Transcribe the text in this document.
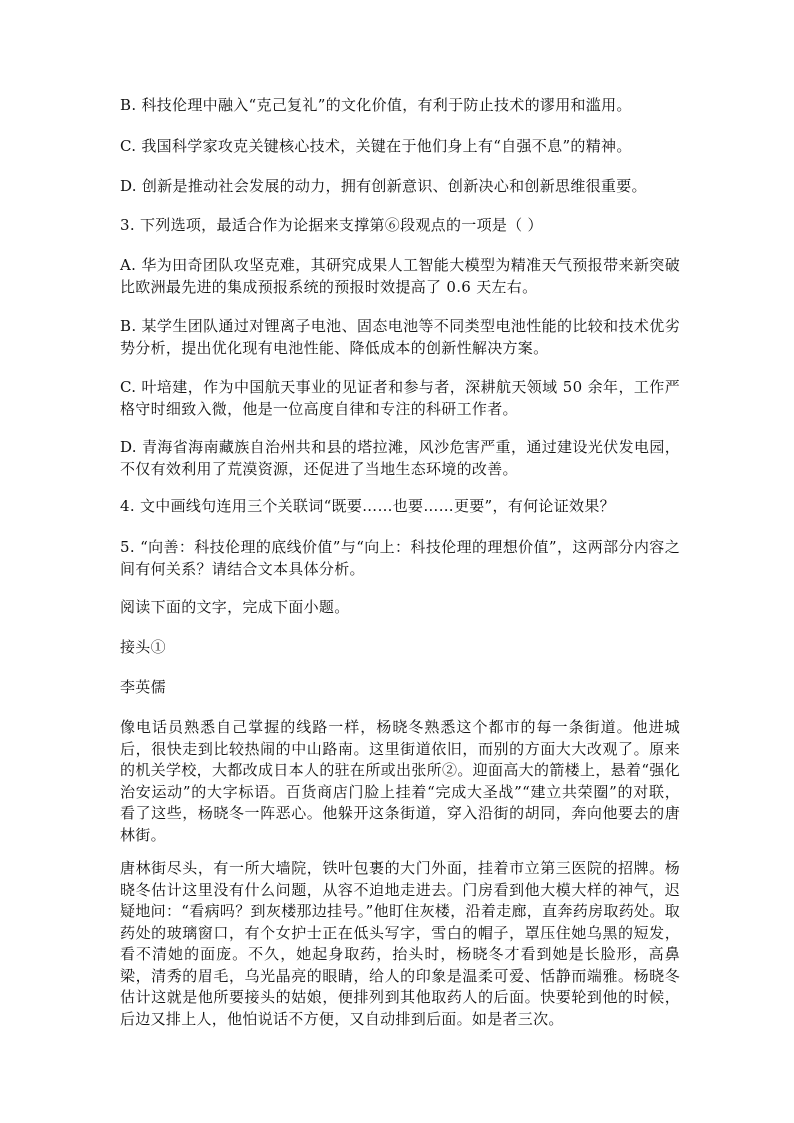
B. 科技伦理中融入“克己复礼”的文化价值，有利于防止技术的谬用和滥用。

C. 我国科学家攻克关键核心技术，关键在于他们身上有“自强不息”的精神。

D. 创新是推动社会发展的动力，拥有创新意识、创新决心和创新思维很重要。

3. 下列选项，最适合作为论据来支撑第⑥段观点的一项是（ ）

A. 华为田奇团队攻坚克难，其研究成果人工智能大模型为精准天气预报带来新突破比欧洲最先进的集成预报系统的预报时效提高了 0.6 天左右。

B. 某学生团队通过对锂离子电池、固态电池等不同类型电池性能的比较和技术优劣势分析，提出优化现有电池性能、降低成本的创新性解决方案。

C. 叶培建，作为中国航天事业的见证者和参与者，深耕航天领域 50 余年，工作严格守时细致入微，他是一位高度自律和专注的科研工作者。

D. 青海省海南藏族自治州共和县的塔拉滩，风沙危害严重，通过建设光伏发电园，不仅有效利用了荒漠资源，还促进了当地生态环境的改善。

4. 文中画线句连用三个关联词“既要……也要……更要”，有何论证效果？

5. “向善：科技伦理的底线价值”与“向上：科技伦理的理想价值”，这两部分内容之间有何关系？请结合文本具体分析。

阅读下面的文字，完成下面小题。

接头①

李英儒

像电话员熟悉自己掌握的线路一样，杨晓冬熟悉这个都市的每一条街道。他进城后，很快走到比较热闹的中山路南。这里街道依旧，而别的方面大大改观了。原来的机关学校，大都改成日本人的驻在所或出张所②。迎面高大的箭楼上，悬着“强化治安运动”的大字标语。百货商店门脸上挂着“完成大圣战”“建立共荣圈”的对联，看了这些，杨晓冬一阵恶心。他躲开这条街道，穿入沿街的胡同，奔向他要去的唐林街。

唐林街尽头，有一所大墙院，铁叶包裹的大门外面，挂着市立第三医院的招牌。杨晓冬估计这里没有什么问题，从容不迫地走进去。门房看到他大模大样的神气，迟疑地问：“看病吗？到灰楼那边挂号。”他盯住灰楼，沿着走廊，直奔药房取药处。取药处的玻璃窗口，有个女护士正在低头写字，雪白的帽子，罩压住她乌黑的短发，看不清她的面庞。不久，她起身取药，抬头时，杨晓冬才看到她是长脸形，高鼻梁，清秀的眉毛，乌光晶亮的眼睛，给人的印象是温柔可爱、恬静而端雅。杨晓冬估计这就是他所要接头的姑娘，便排列到其他取药人的后面。快要轮到他的时候，后边又排上人，他怕说话不方便，又自动排到后面。如是者三次。
